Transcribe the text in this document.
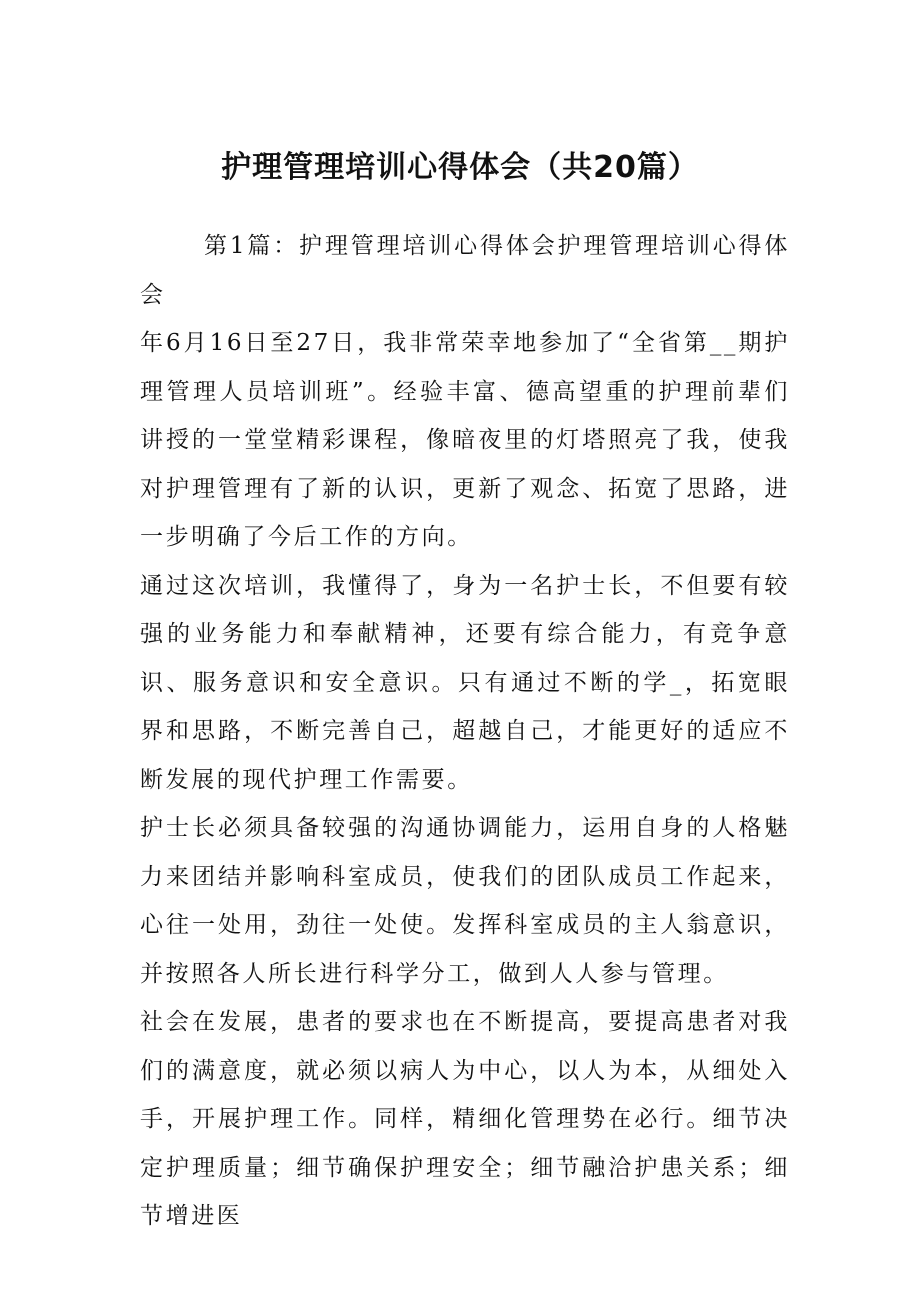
护理管理培训心得体会（共20篇）

第1篇：护理管理培训心得体会护理管理培训心得体会

年6月16日至27日，我非常荣幸地参加了“全省第__期护理管理人员培训班”。经验丰富、德高望重的护理前辈们讲授的一堂堂精彩课程，像暗夜里的灯塔照亮了我，使我对护理管理有了新的认识，更新了观念、拓宽了思路，进一步明确了今后工作的方向。

通过这次培训，我懂得了，身为一名护士长，不但要有较强的业务能力和奉献精神，还要有综合能力，有竞争意识、服务意识和安全意识。只有通过不断的学_，拓宽眼界和思路，不断完善自己，超越自己，才能更好的适应不断发展的现代护理工作需要。

护士长必须具备较强的沟通协调能力，运用自身的人格魅力来团结并影响科室成员，使我们的团队成员工作起来，心往一处用，劲往一处使。发挥科室成员的主人翁意识，并按照各人所长进行科学分工，做到人人参与管理。

社会在发展，患者的要求也在不断提高，要提高患者对我们的满意度，就必须以病人为中心，以人为本，从细处入手，开展护理工作。同样，精细化管理势在必行。细节决定护理质量；细节确保护理安全；细节融洽护患关系；细节增进医
